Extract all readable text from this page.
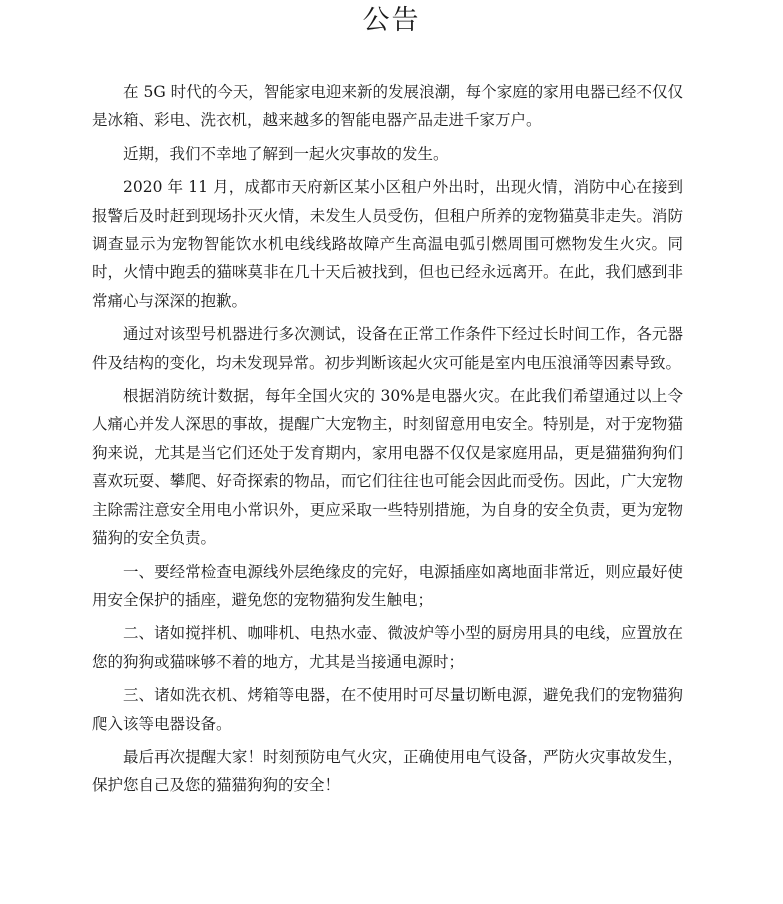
公告

在 5G 时代的今天，智能家电迎来新的发展浪潮，每个家庭的家用电器已经不仅仅是冰箱、彩电、洗衣机，越来越多的智能电器产品走进千家万户。

近期，我们不幸地了解到一起火灾事故的发生。

2020 年 11 月，成都市天府新区某小区租户外出时，出现火情，消防中心在接到报警后及时赶到现场扑灭火情，未发生人员受伤，但租户所养的宠物猫莫非走失。消防调查显示为宠物智能饮水机电线线路故障产生高温电弧引燃周围可燃物发生火灾。同时，火情中跑丢的猫咪莫非在几十天后被找到，但也已经永远离开。在此，我们感到非常痛心与深深的抱歉。

通过对该型号机器进行多次测试，设备在正常工作条件下经过长时间工作，各元器件及结构的变化，均未发现异常。初步判断该起火灾可能是室内电压浪涌等因素导致。

根据消防统计数据，每年全国火灾的 30%是电器火灾。在此我们希望通过以上令人痛心并发人深思的事故，提醒广大宠物主，时刻留意用电安全。特别是，对于宠物猫狗来说，尤其是当它们还处于发育期内，家用电器不仅仅是家庭用品，更是猫猫狗狗们喜欢玩耍、攀爬、好奇探索的物品，而它们往往也可能会因此而受伤。因此，广大宠物主除需注意安全用电小常识外，更应采取一些特别措施，为自身的安全负责，更为宠物猫狗的安全负责。

一、要经常检查电源线外层绝缘皮的完好，电源插座如离地面非常近，则应最好使用安全保护的插座，避免您的宠物猫狗发生触电；

二、诸如搅拌机、咖啡机、电热水壶、微波炉等小型的厨房用具的电线，应置放在您的狗狗或猫咪够不着的地方，尤其是当接通电源时；

三、诸如洗衣机、烤箱等电器，在不使用时可尽量切断电源，避免我们的宠物猫狗爬入该等电器设备。

最后再次提醒大家！时刻预防电气火灾，正确使用电气设备，严防火灾事故发生，保护您自己及您的猫猫狗狗的安全！
